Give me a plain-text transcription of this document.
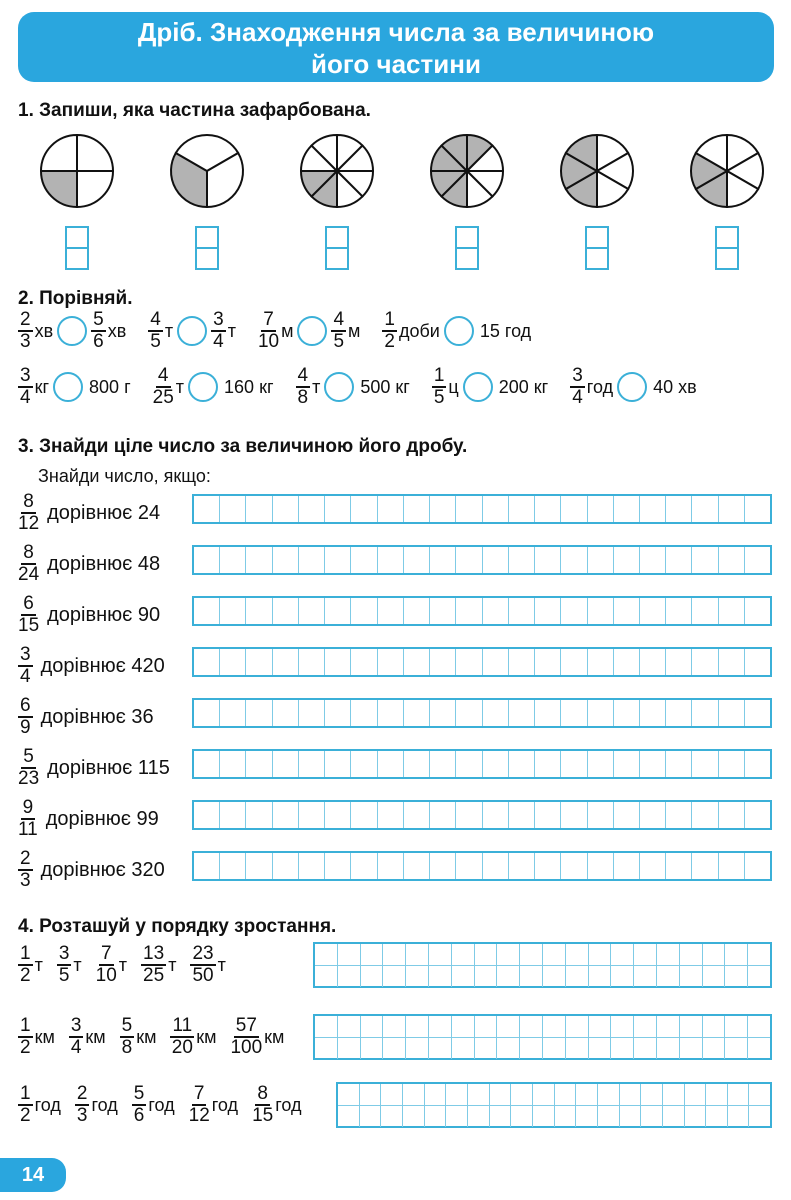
Дріб. Знаходження числа за величиною
його частини
1. Запиши, яка частина зафарбована.
2. Порівняй.
$\frac{2}{3}$ хв $\frac{5}{6}$ хв $\frac{4}{5}$ т $\frac{3}{4}$ т $\frac{7}{10}$ м $\frac{4}{5}$ м $\frac{1}{2}$ доби 15 год
$\frac{3}{4}$ кг 800 г $\frac{4}{25}$ т 160 кг $\frac{4}{8}$ т 500 кг $\frac{1}{5}$ ц 200 кг $\frac{3}{4}$ год 40 хв
3. Знайди ціле число за величиною його дробу.
Знайди число, якщо:
$\frac{8}{12}$ дорівнює 24
$\frac{8}{24}$ дорівнює 48
$\frac{6}{15}$ дорівнює 90
$\frac{3}{4}$ дорівнює 420
$\frac{6}{9}$ дорівнює 36
$\frac{5}{23}$ дорівнює 115
$\frac{9}{11}$ дорівнює 99
$\frac{2}{3}$ дорівнює 320
4. Розташуй у порядку зростання.
$\frac{1}{2}$ т $\frac{3}{5}$ т $\frac{7}{10}$ т $\frac{13}{25}$ т $\frac{23}{50}$ т
$\frac{1}{2}$ км $\frac{3}{4}$ км $\frac{5}{8}$ км $\frac{11}{20}$ км $\frac{57}{100}$ км
$\frac{1}{2}$ год $\frac{2}{3}$ год $\frac{5}{6}$ год $\frac{7}{12}$ год $\frac{8}{15}$ год
14
